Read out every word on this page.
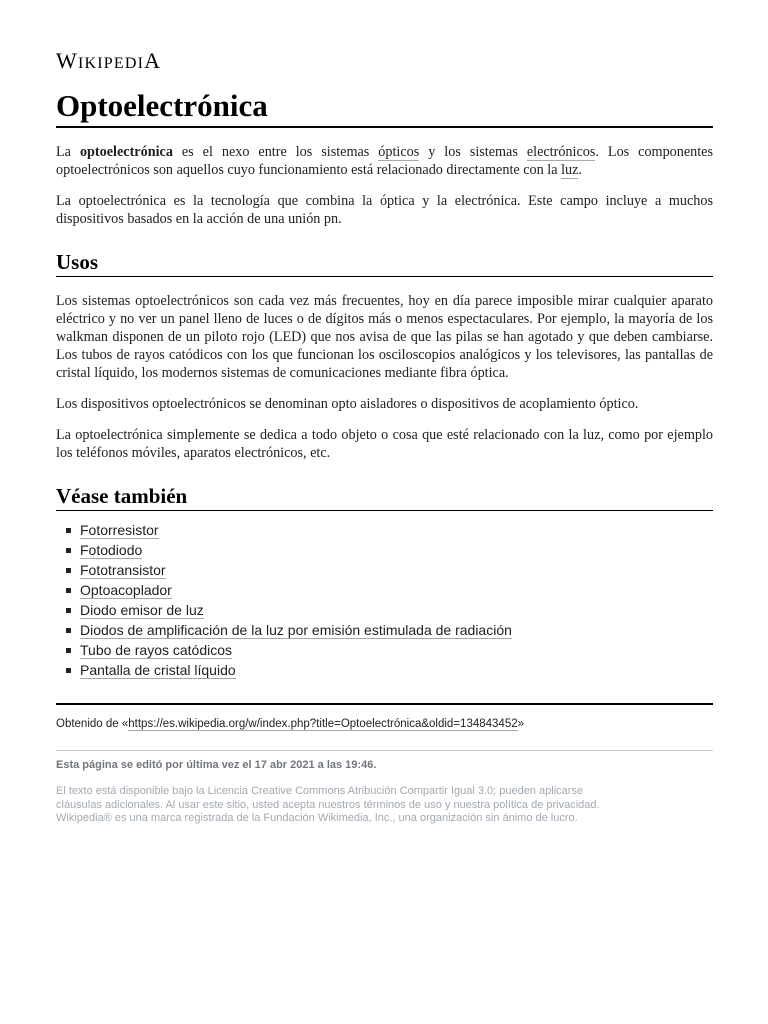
WIKIPEDIA
Optoelectrónica

La optoelectrónica es el nexo entre los sistemas ópticos y los sistemas electrónicos. Los componentes optoelectrónicos son aquellos cuyo funcionamiento está relacionado directamente con la luz.

La optoelectrónica es la tecnología que combina la óptica y la electrónica. Este campo incluye a muchos dispositivos basados en la acción de una unión pn.

Usos

Los sistemas optoelectrónicos son cada vez más frecuentes, hoy en día parece imposible mirar cualquier aparato eléctrico y no ver un panel lleno de luces o de dígitos más o menos espectaculares. Por ejemplo, la mayoría de los walkman disponen de un piloto rojo (LED) que nos avisa de que las pilas se han agotado y que deben cambiarse. Los tubos de rayos catódicos con los que funcionan los osciloscopios analógicos y los televisores, las pantallas de cristal líquido, los modernos sistemas de comunicaciones mediante fibra óptica.

Los dispositivos optoelectrónicos se denominan opto aisladores o dispositivos de acoplamiento óptico.

La optoelectrónica simplemente se dedica a todo objeto o cosa que esté relacionado con la luz, como por ejemplo los teléfonos móviles, aparatos electrónicos, etc.

Véase también
Fotorresistor
Fotodiodo
Fototransistor
Optoacoplador
Diodo emisor de luz
Diodos de amplificación de la luz por emisión estimulada de radiación
Tubo de rayos catódicos
Pantalla de cristal líquido
Obtenido de «https://es.wikipedia.org/w/index.php?title=Optoelectrónica&oldid=134843452»
Esta página se editó por última vez el 17 abr 2021 a las 19:46.
El texto está disponible bajo la Licencia Creative Commons Atribución Compartir Igual 3.0; pueden aplicarse
cláusulas adicionales. Al usar este sitio, usted acepta nuestros términos de uso y nuestra política de privacidad.
Wikipedia® es una marca registrada de la Fundación Wikimedia, Inc., una organización sin ánimo de lucro.
